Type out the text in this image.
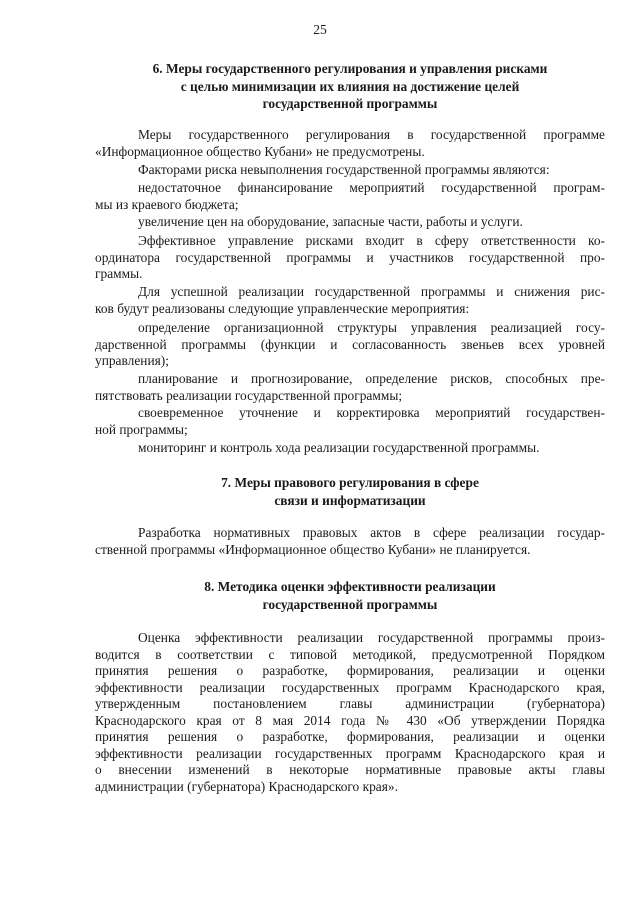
25
6. Меры государственного регулирования и управления рисками
с целью минимизации их влияния на достижение целей
государственной программы
Меры государственного регулирования в государственной программе
«Информационное общество Кубани» не предусмотрены.
Факторами риска невыполнения государственной программы являются:
недостаточное финансирование мероприятий государственной програм-
мы из краевого бюджета;
увеличение цен на оборудование, запасные части, работы и услуги.
Эффективное управление рисками входит в сферу ответственности ко-
ординатора государственной программы и участников государственной про-
граммы.
Для успешной реализации государственной программы и снижения рис-
ков будут реализованы следующие управленческие мероприятия:
определение организационной структуры управления реализацией госу-
дарственной программы (функции и согласованность звеньев всех уровней
управления);
планирование и прогнозирование, определение рисков, способных пре-
пятствовать реализации государственной программы;
своевременное уточнение и корректировка мероприятий государствен-
ной программы;
мониторинг и контроль хода реализации государственной программы.
7. Меры правового регулирования в сфере
связи и информатизации
Разработка нормативных правовых актов в сфере реализации государ-
ственной программы «Информационное общество Кубани» не планируется.
8. Методика оценки эффективности реализации
государственной программы
Оценка эффективности реализации государственной программы произ-
водится в соответствии с типовой методикой, предусмотренной Порядком
принятия решения о разработке, формирования, реализации и оценки
эффективности реализации государственных программ Краснодарского края,
утвержденным постановлением главы администрации (губернатора)
Краснодарского края от 8 мая 2014 года № 430 «Об утверждении Порядка
принятия решения о разработке, формирования, реализации и оценки
эффективности реализации государственных программ Краснодарского края и
о внесении изменений в некоторые нормативные правовые акты главы
администрации (губернатора) Краснодарского края».
